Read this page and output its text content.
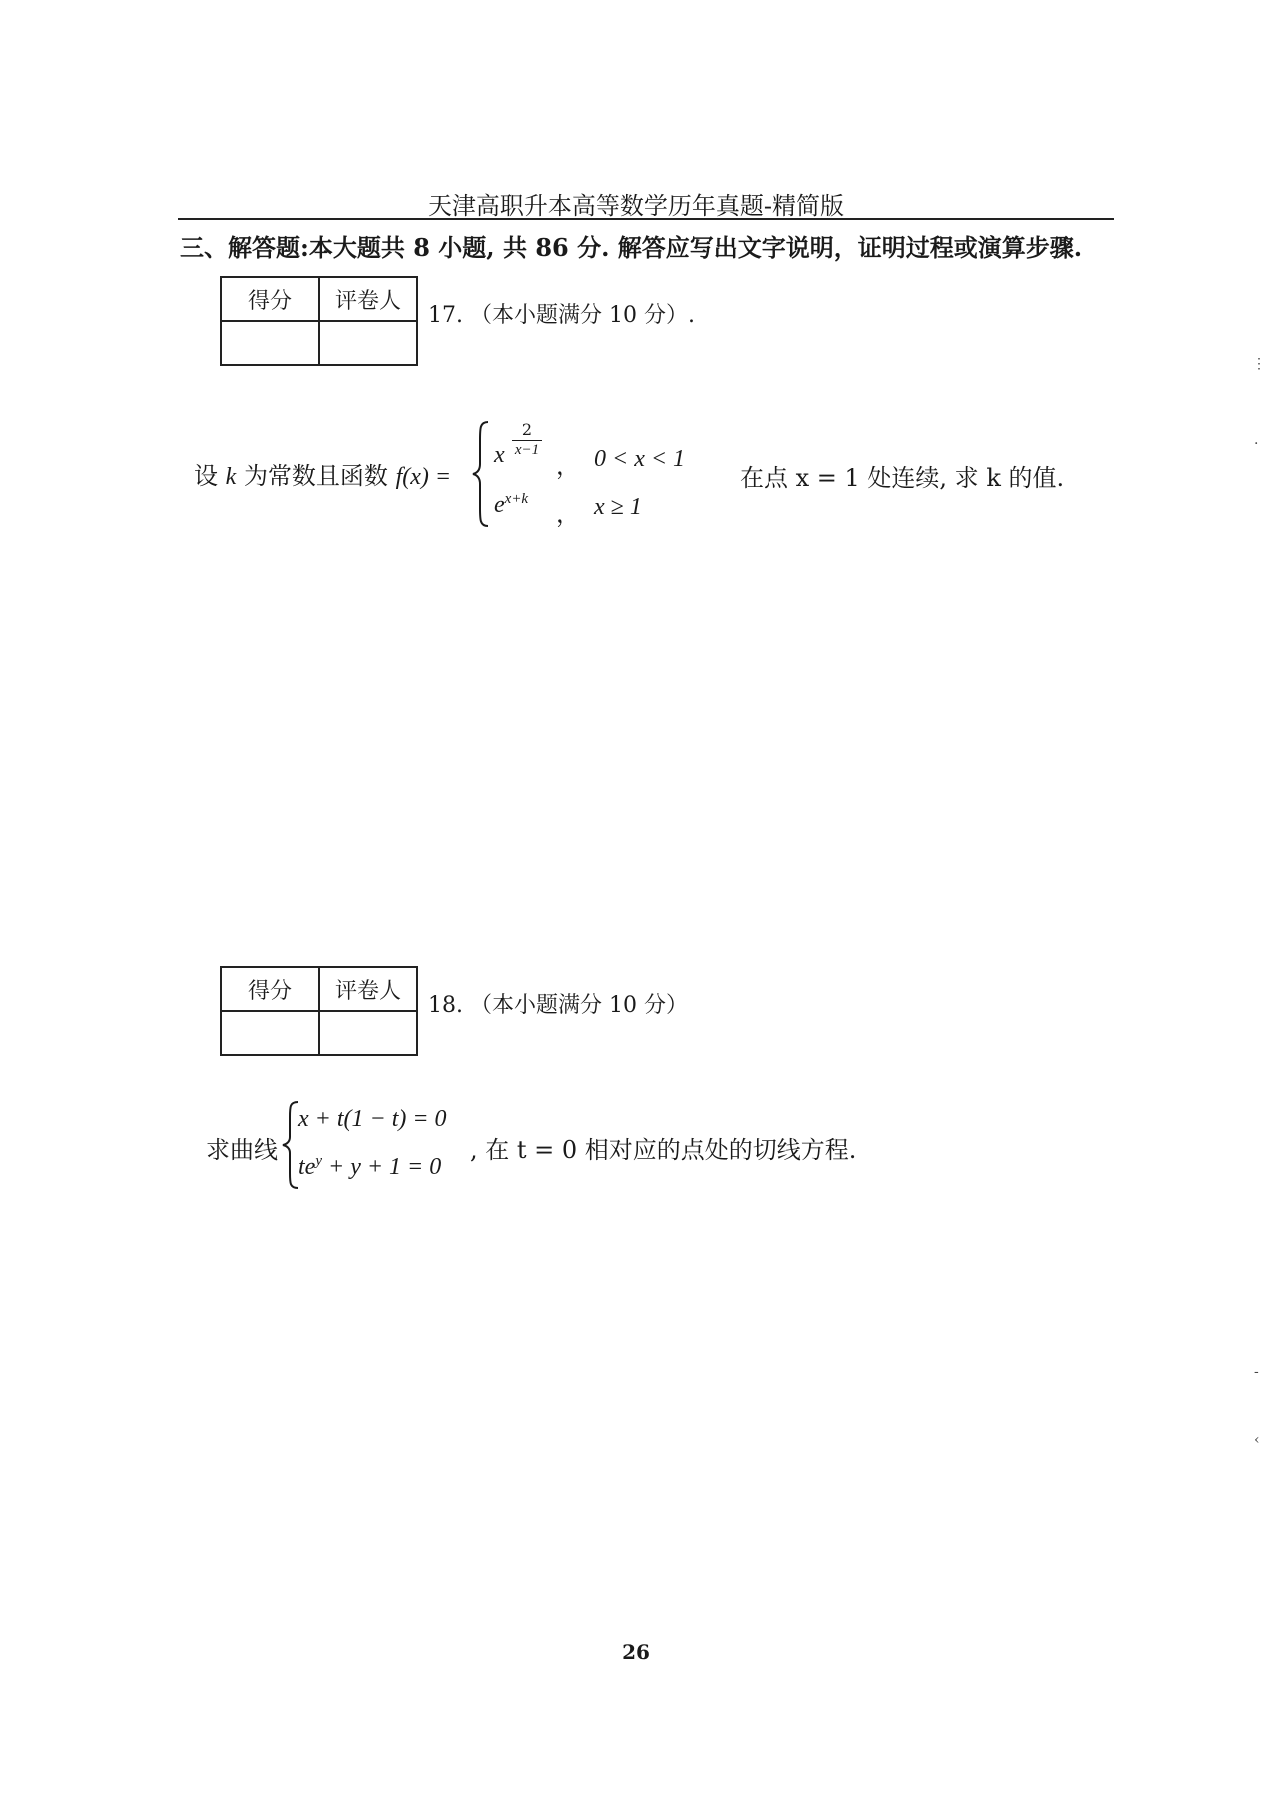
天津高职升本高等数学历年真题-精简版
三、解答题:本大题共 8 小题, 共 86 分. 解答应写出文字说明，证明过程或演算步骤.
得分	评卷人

17. （本小题满分 10 分）.
设 k 为常数且函数 f(x) =
x
2
x−1
， 0 < x < 1
$e^{x+k}$
， x ≥ 1
在点 x = 1 处连续, 求 k 的值.
得分	评卷人

18. （本小题满分 10 分）
求曲线
x + t(1 − t) = 0
$te^y + y + 1 = 0$
, 在 t = 0 相对应的点处的切线方程.
26
⋮
·
-
‹
